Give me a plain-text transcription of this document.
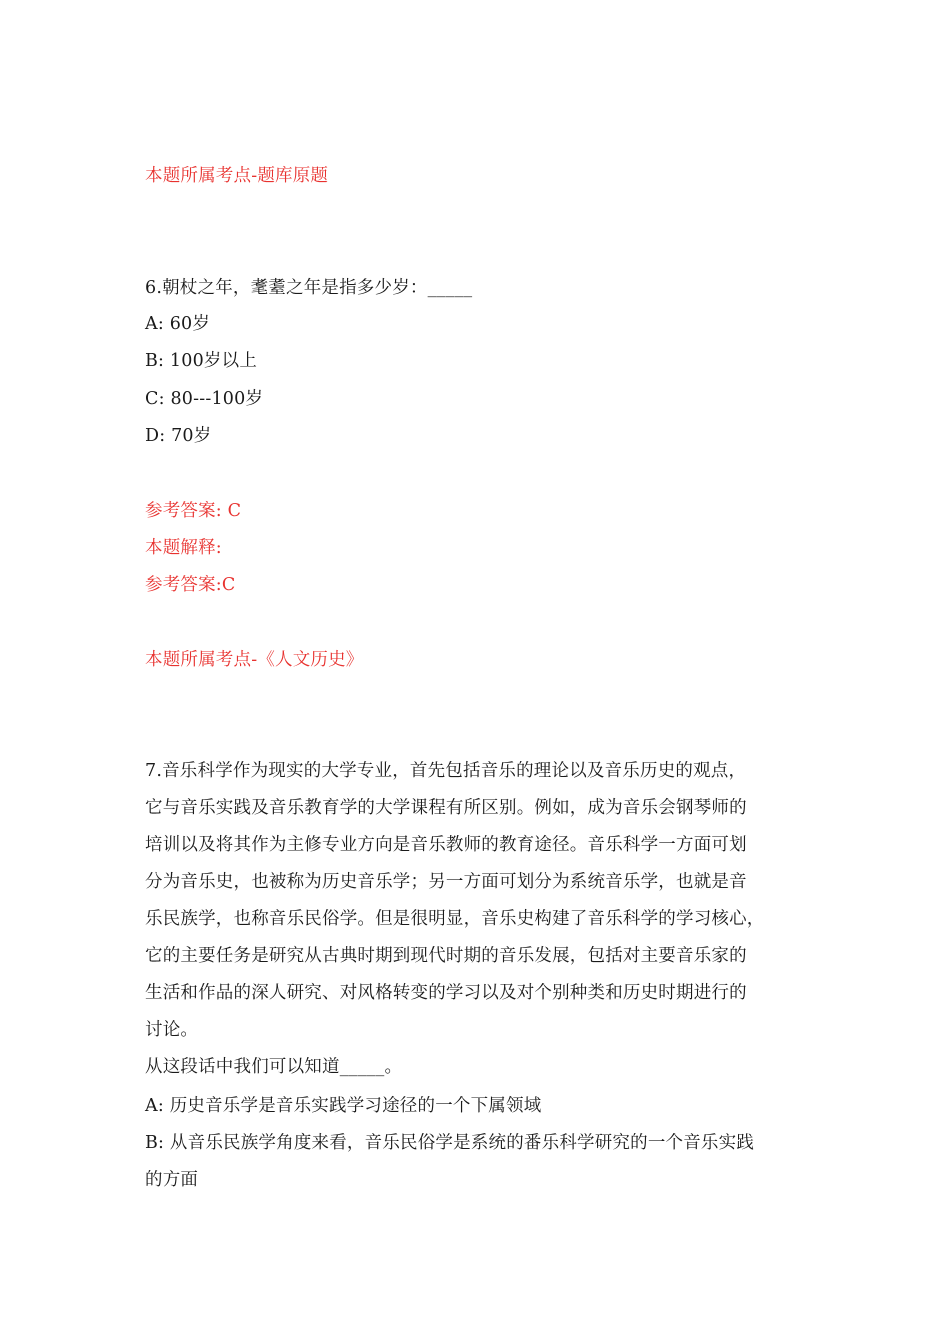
本题所属考点-题库原题
6.朝杖之年，耄耋之年是指多少岁：_____
A: 60岁
B: 100岁以上
C: 80---100岁
D: 70岁
参考答案: C
本题解释:
参考答案:C
本题所属考点-《人文历史》
7.音乐科学作为现实的大学专业，首先包括音乐的理论以及音乐历史的观点，
它与音乐实践及音乐教育学的大学课程有所区别。例如，成为音乐会钢琴师的
培训以及将其作为主修专业方向是音乐教师的教育途径。音乐科学一方面可划
分为音乐史，也被称为历史音乐学；另一方面可划分为系统音乐学，也就是音
乐民族学，也称音乐民俗学。但是很明显，音乐史构建了音乐科学的学习核心，
它的主要任务是研究从古典时期到现代时期的音乐发展，包括对主要音乐家的
生活和作品的深人研究、对风格转变的学习以及对个别种类和历史时期进行的
讨论。
从这段话中我们可以知道_____。
A: 历史音乐学是音乐实践学习途径的一个下属领域
B: 从音乐民族学角度来看，音乐民俗学是系统的番乐科学研究的一个音乐实践
的方面
